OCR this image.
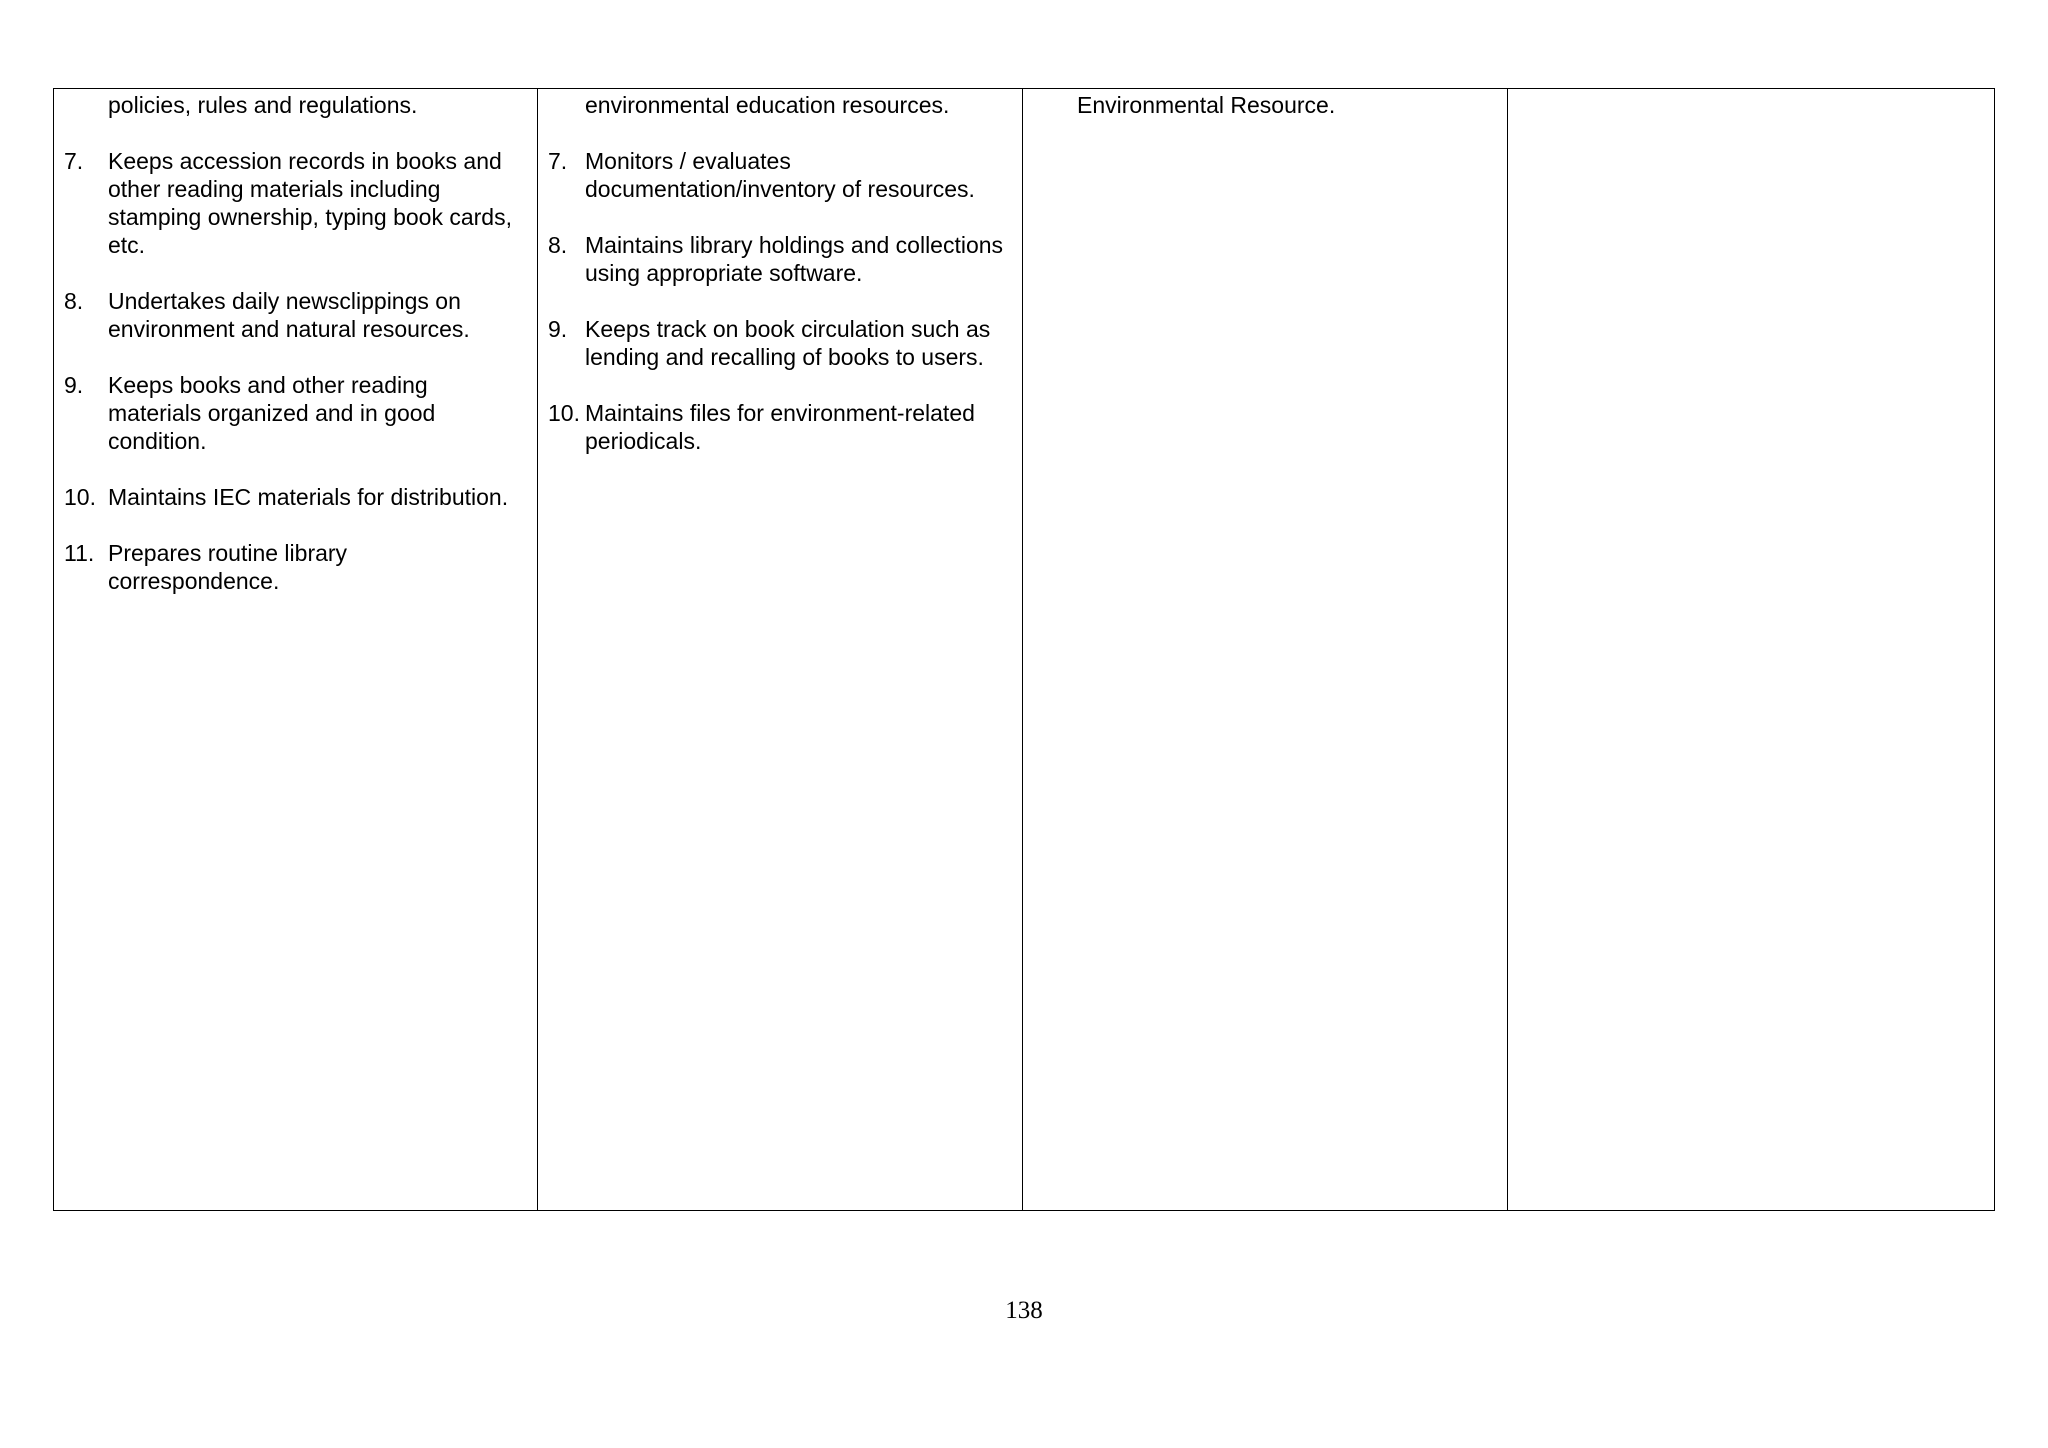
policies, rules and regulations.

7.	Keeps accession records in books and other reading materials including stamping ownership, typing book cards, etc.
8.	Undertakes daily newsclippings on environment and natural resources.
9.	Keeps books and other reading materials organized and in good condition.
10. Maintains IEC materials for distribution.
11. Prepares routine library correspondence.

environmental education resources.

7. Monitors / evaluates documentation/inventory of resources.
8. Maintains library holdings and collections using appropriate software.
9. Keeps track on book circulation such as lending and recalling of books to users.
10. Maintains files for environment-related periodicals.

Environmental Resource.

138
